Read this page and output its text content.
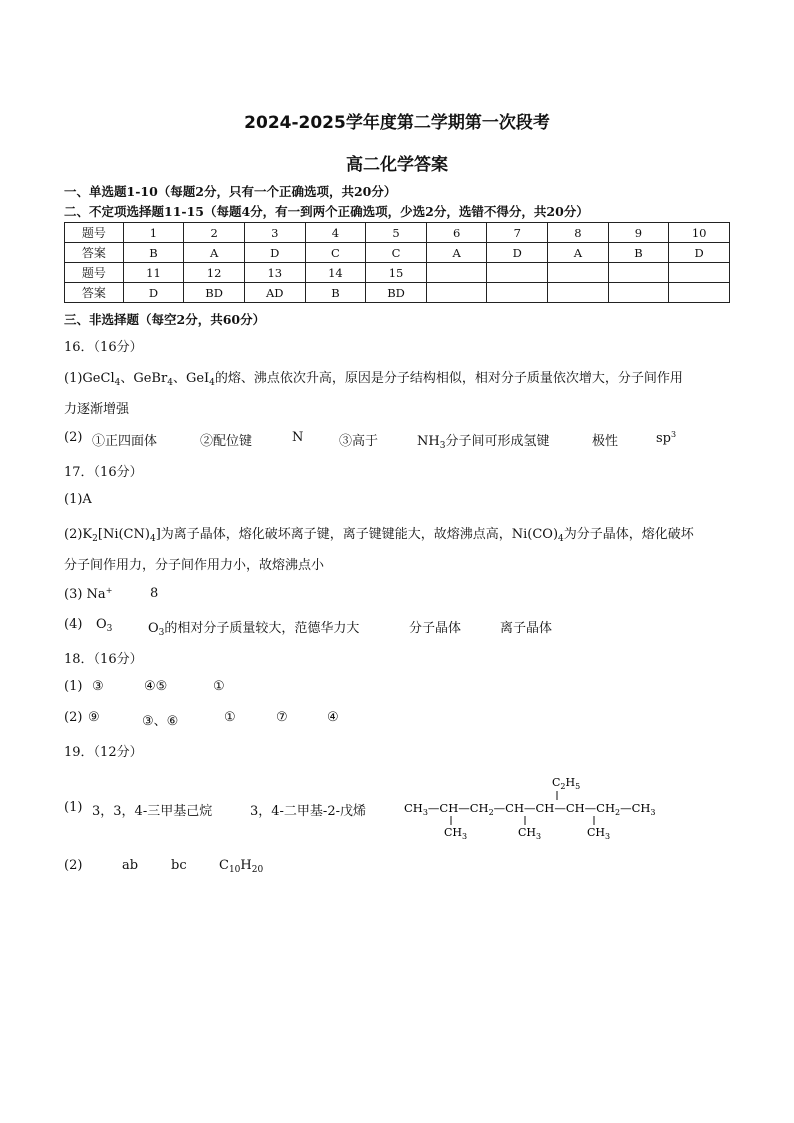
2024-2025学年度第二学期第一次段考
高二化学答案
一、单选题1-10（每题2分，只有一个正确选项，共20分）
二、不定项选择题11-15（每题4分，有一到两个正确选项，少选2分，选错不得分，共20分）
题号	1	2	3	4	5	6	7	8	9	10
答案	B	A	D	C	C	A	D	A	B	D
题号	11	12	13	14	15					
答案	D	BD	AD	B	BD					
三、非选择题（每空2分，共60分）
16．（16分）
(1)GeCl$_4$、GeBr$_4$、GeI$_4$的熔、沸点依次升高，原因是分子结构相似，相对分子质量依次增大，分子间作用
力逐渐增强
(2) ①正四面体	②配位键	N	③高于	$NH_3$分子间可形成氢键	极性	$sp^3$
17．（16分）
(1)A
$(2)K_2[Ni(CN)_4]$为离子晶体，熔化破坏离子键，离子键键能大，故熔沸点高，$Ni(CO)_4$为分子晶体，熔化破坏
分子间作用力，分子间作用力小，故熔沸点小
(3) Na+	8
(4) $O_3$	$O_3$的相对分子质量较大，范德华力大	分子晶体	离子晶体
18．（16分）
(1) ③	④⑤	①
(2) ⑨	③、⑥	①	⑦	④
19．（12分）
(1) 3，3，4-三甲基己烷	3，4-二甲基-2-戊烯
$C_2H_5$
$CH_3—CH—CH_2—CH—CH—CH—CH_2—CH_3$
$CH_3$	$CH_3$	$CH_3$
(2)	ab	bc $C_{10}H_{20}$
